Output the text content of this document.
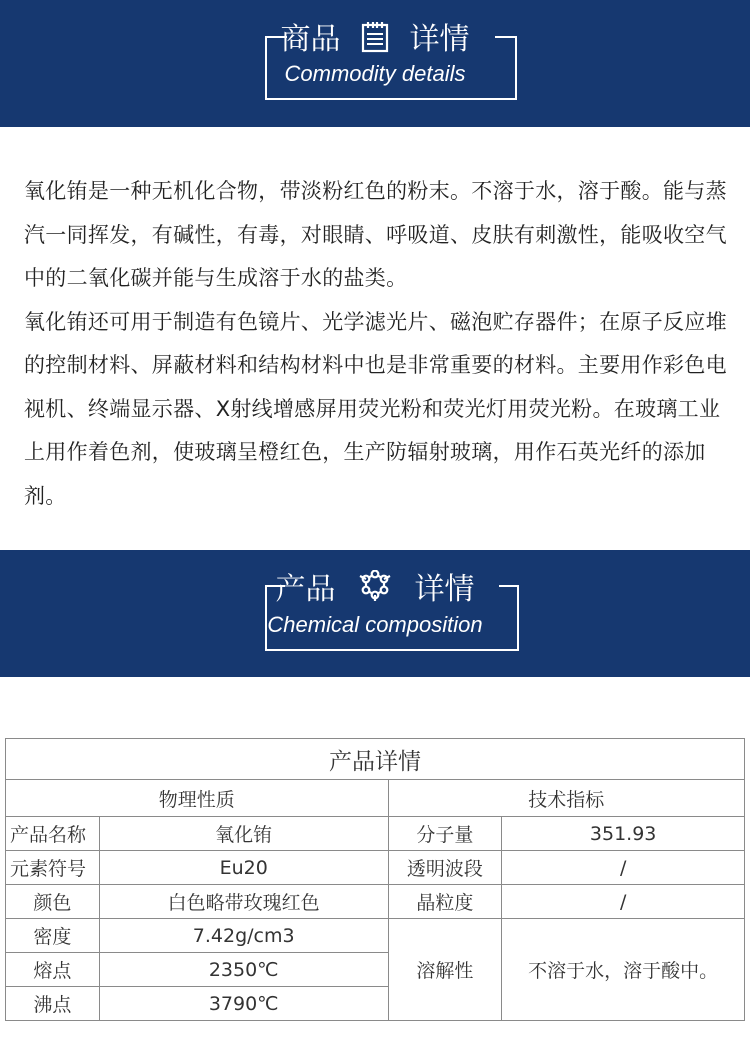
商品 详情
Commodity details

氧化铕是一种无机化合物，带淡粉红色的粉末。不溶于水，溶于酸。能与蒸汽一同挥发，有碱性，有毒，对眼睛、呼吸道、皮肤有刺激性，能吸收空气中的二氧化碳并能与生成溶于水的盐类。

氧化铕还可用于制造有色镜片、光学滤光片、磁泡贮存器件；在原子反应堆的控制材料、屏蔽材料和结构材料中也是非常重要的材料。主要用作彩色电视机、终端显示器、X射线增感屏用荧光粉和荧光灯用荧光粉。在玻璃工业上用作着色剂，使玻璃呈橙红色，生产防辐射玻璃，用作石英光纤的添加剂。

产品	详情
Chemical composition
产品详情			
物理性质		技术指标	
产品名称	氧化铕	分子量	351.93
元素符号	Eu20	透明波段	/
颜色	白色略带玫瑰红色	晶粒度	/
密度	7.42g/cm3	溶解性	不溶于水，溶于酸中。
熔点	2350℃		
沸点	3790℃		
